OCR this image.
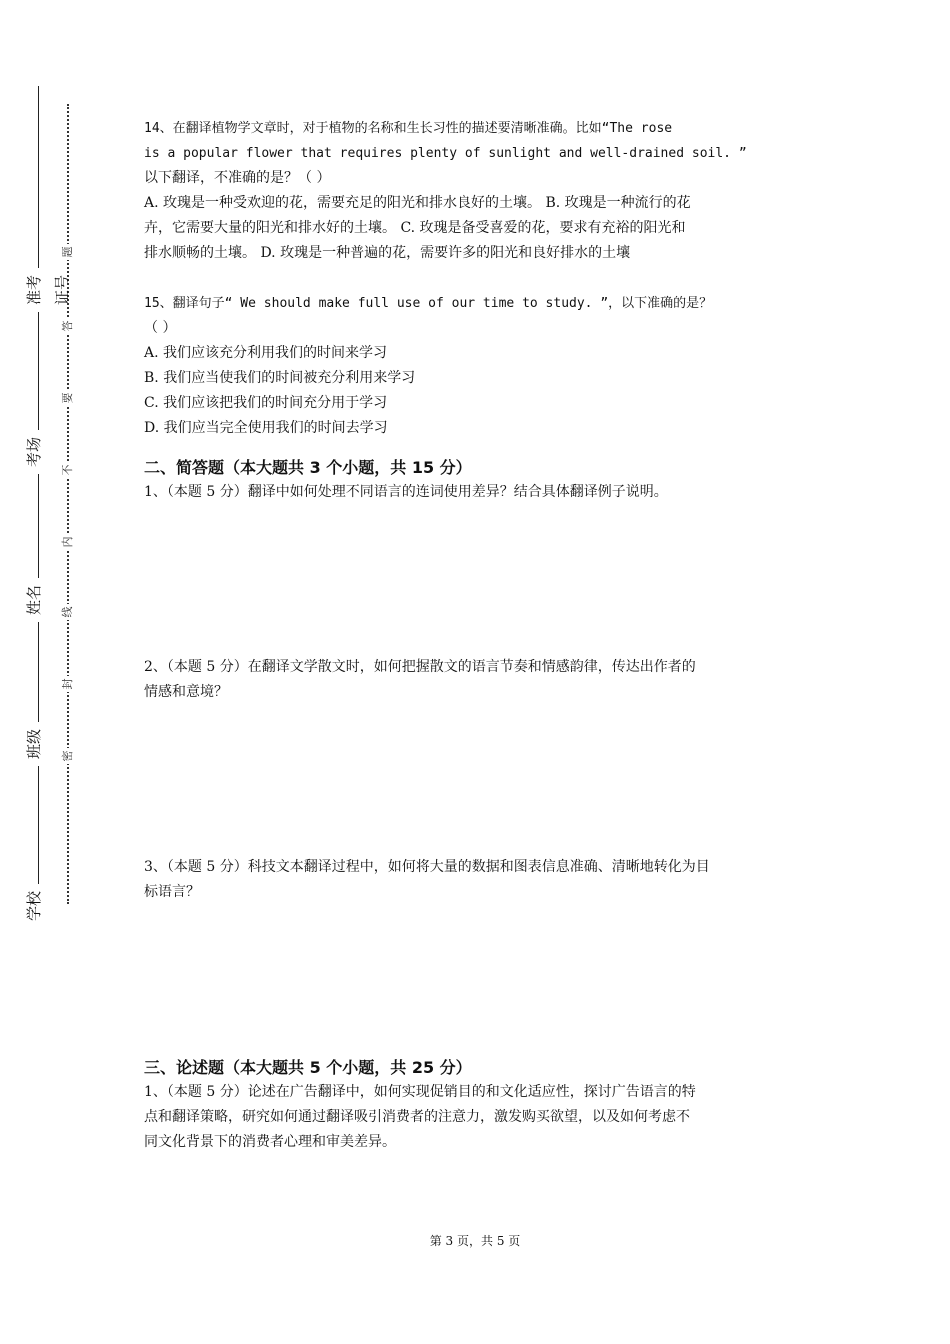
准考证号
考场
姓名
班级
学校
题
答
要
不
内
线
封
密

14、在翻译植物学文章时，对于植物的名称和生长习性的描述要清晰准确。比如“The rose

is a popular flower that requires plenty of sunlight and well-drained soil. ”

以下翻译，不准确的是？（ ）

A. 玫瑰是一种受欢迎的花，需要充足的阳光和排水良好的土壤。 B. 玫瑰是一种流行的花

卉，它需要大量的阳光和排水好的土壤。 C. 玫瑰是备受喜爱的花，要求有充裕的阳光和

排水顺畅的土壤。 D. 玫瑰是一种普遍的花，需要许多的阳光和良好排水的土壤

15、翻译句子“ We should make full use of our time to study. ”，以下准确的是？

（ ）

A. 我们应该充分利用我们的时间来学习

B. 我们应当使我们的时间被充分利用来学习

C. 我们应该把我们的时间充分用于学习

D. 我们应当完全使用我们的时间去学习

二、简答题（本大题共 3 个小题，共 15 分）

1、（本题 5 分）翻译中如何处理不同语言的连词使用差异？结合具体翻译例子说明。

2、（本题 5 分）在翻译文学散文时，如何把握散文的语言节奏和情感韵律，传达出作者的

情感和意境？

3、（本题 5 分）科技文本翻译过程中，如何将大量的数据和图表信息准确、清晰地转化为目

标语言？

三、论述题（本大题共 5 个小题，共 25 分）

1、（本题 5 分）论述在广告翻译中，如何实现促销目的和文化适应性，探讨广告语言的特

点和翻译策略，研究如何通过翻译吸引消费者的注意力，激发购买欲望，以及如何考虑不

同文化背景下的消费者心理和审美差异。

第 3 页，共 5 页
